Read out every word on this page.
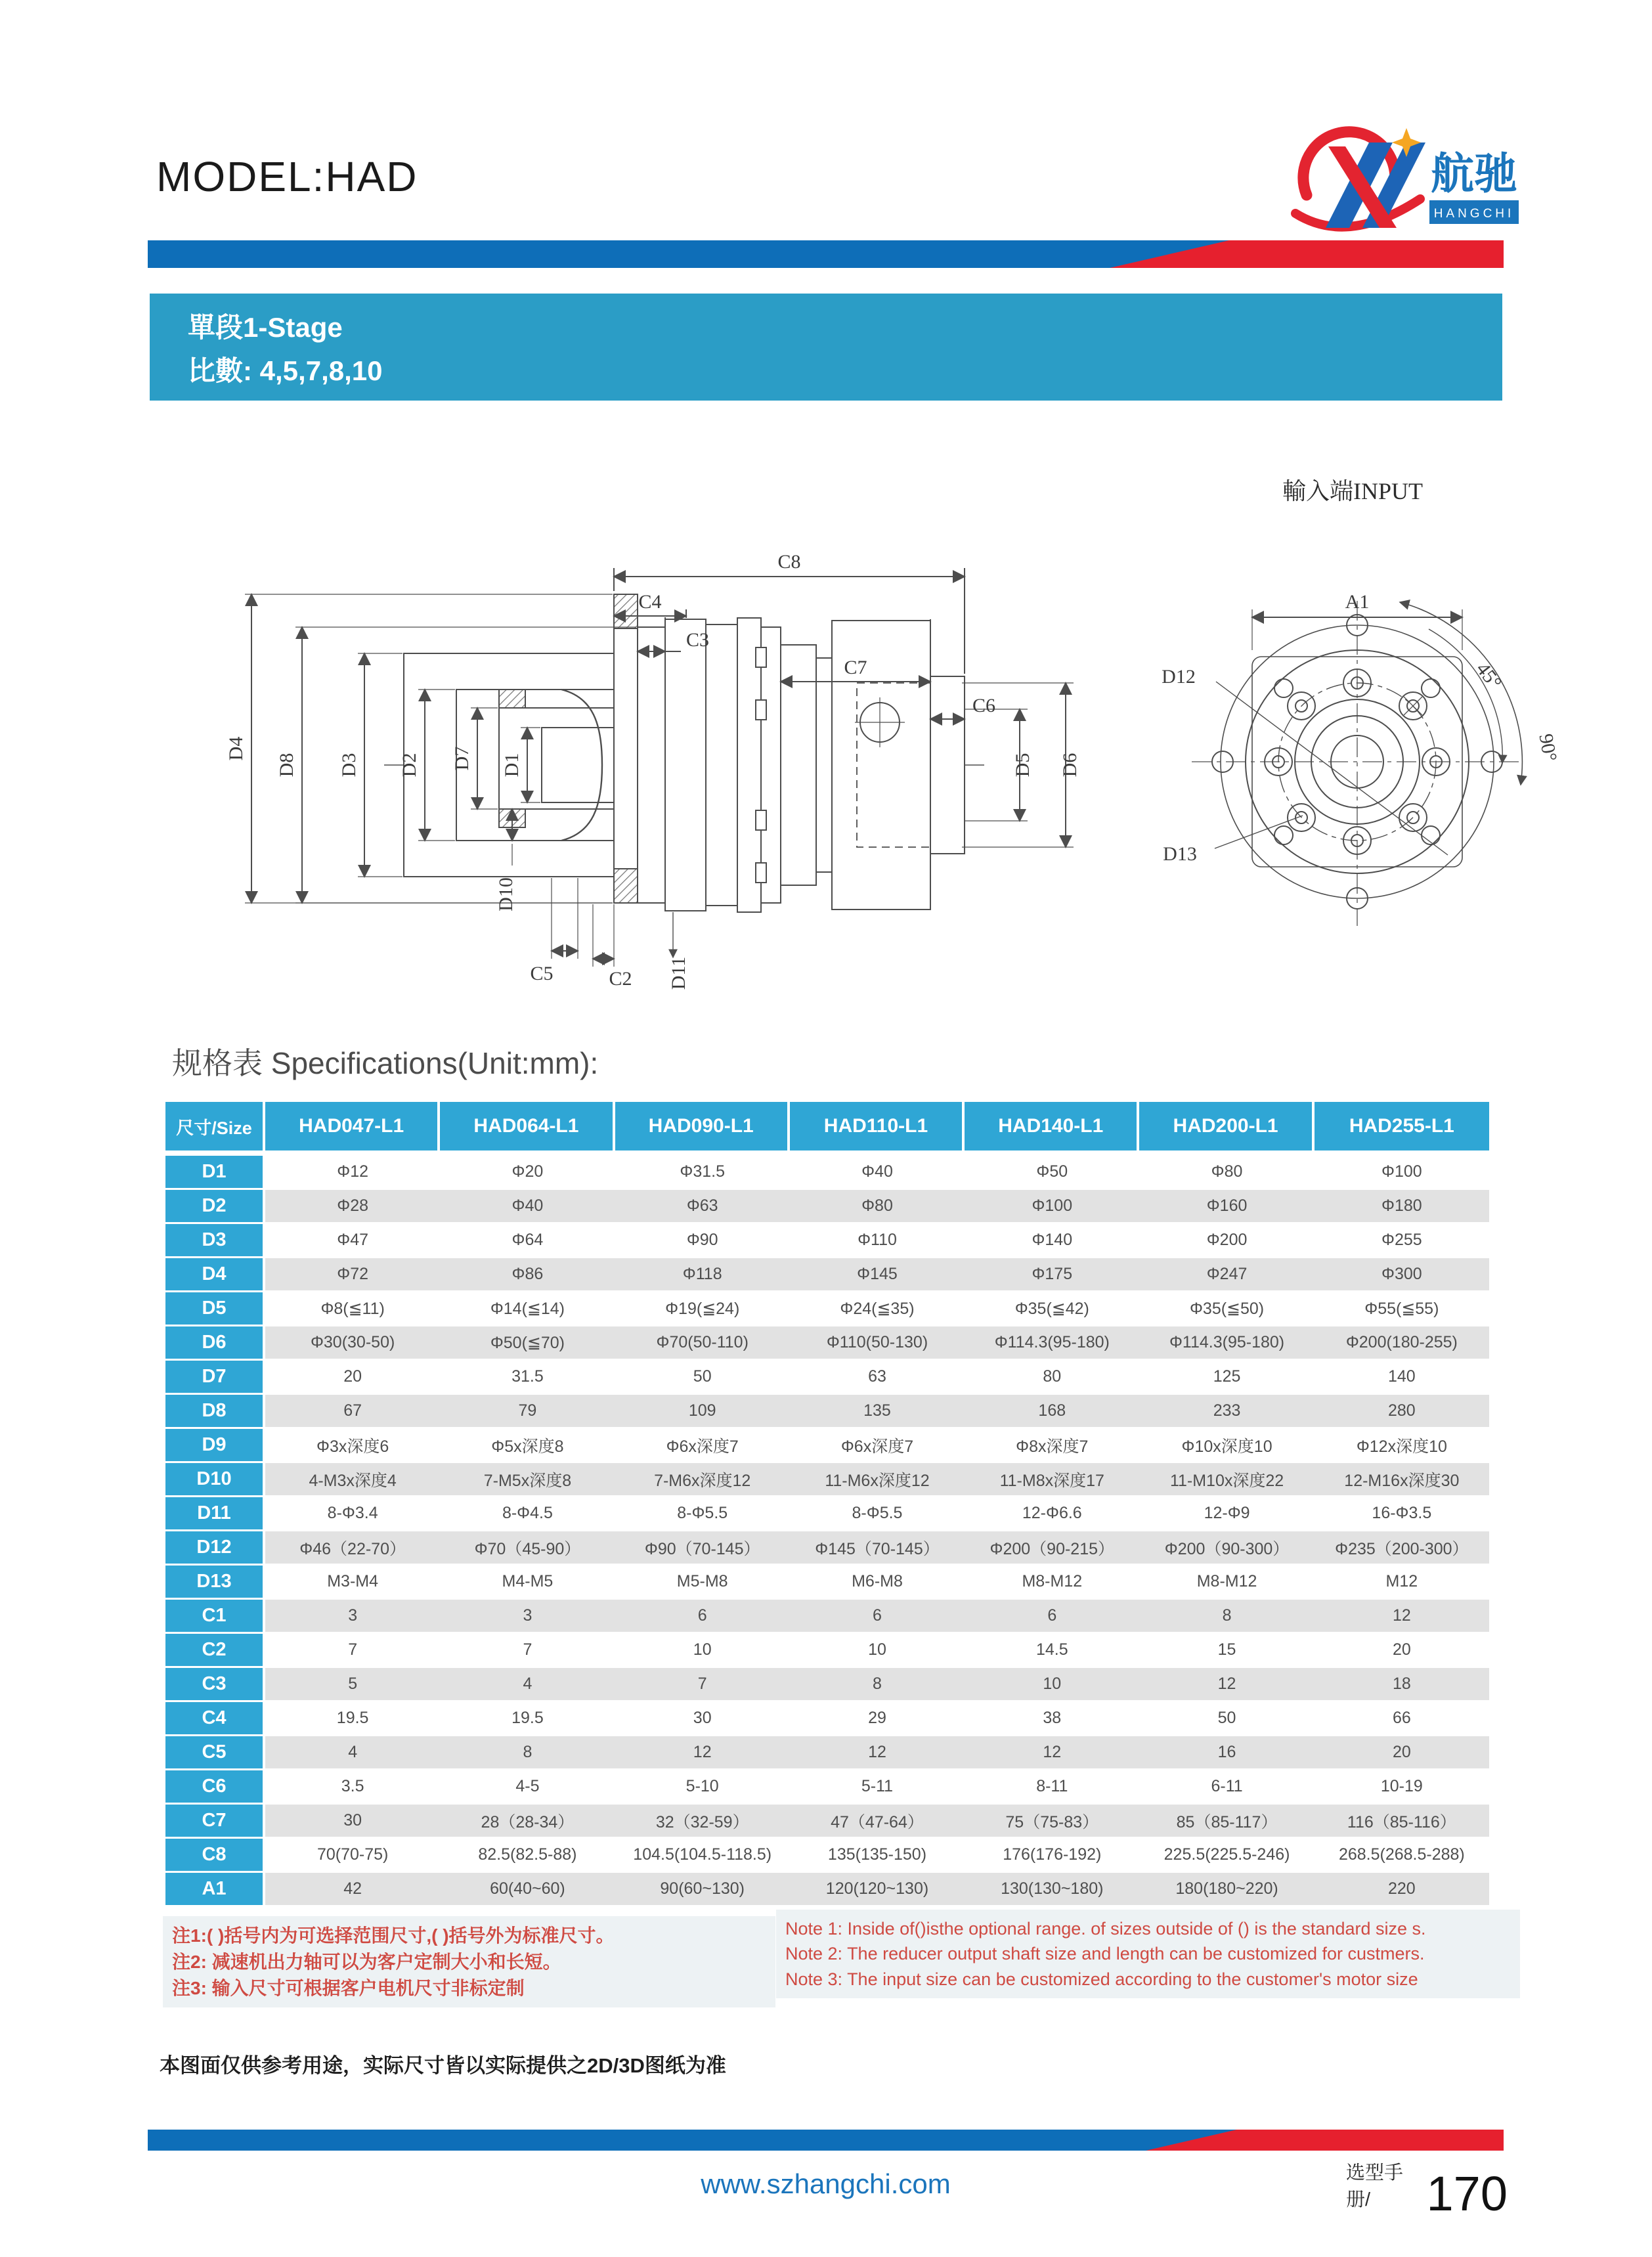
MODEL:HAD	航驰
HANGCHI
單段1-Stage
比數: 4,5,7,8,10
C8
C4
C3
C7
C6
D4
D8 D3 D2 D7 D1
D10
D5 D6
C5	C2 D11
輸入端INPUT
A1
D12
D13
45°
90°
规格表 Specifications(Unit:mm):
尺寸/Size	HAD047-L1	HAD064-L1	HAD090-L1	HAD110-L1	HAD140-L1	HAD200-L1	HAD255-L1
D1	Φ12	Φ20	Φ31.5	Φ40	Φ50	Φ80	Φ100
D2	Φ28	Φ40	Φ63	Φ80	Φ100	Φ160	Φ180
D3	Φ47	Φ64	Φ90	Φ110	Φ140	Φ200	Φ255
D4	Φ72	Φ86	Φ118	Φ145	Φ175	Φ247	Φ300
D5	Φ8(≦11)	Φ14(≦14)	Φ19(≦24)	Φ24(≦35)	Φ35(≦42)	Φ35(≦50)	Φ55(≦55)
D6	Φ30(30-50)	Φ50(≦70)	Φ70(50-110)	Φ110(50-130)	Φ114.3(95-180)	Φ114.3(95-180)	Φ200(180-255)
D7	20	31.5	50	63	80	125	140
D8	67	79	109	135	168	233	280
D9	Φ3x深度6	Φ5x深度8	Φ6x深度7	Φ6x深度7	Φ8x深度7	Φ10x深度10	Φ12x深度10
D10	4-M3x深度4	7-M5x深度8	7-M6x深度12	11-M6x深度12	11-M8x深度17	11-M10x深度22	12-M16x深度30
D11	8-Φ3.4	8-Φ4.5	8-Φ5.5	8-Φ5.5	12-Φ6.6	12-Φ9	16-Φ3.5
D12	Φ46（22-70）	Φ70（45-90）	Φ90（70-145）	Φ145（70-145）	Φ200（90-215）	Φ200（90-300）	Φ235（200-300）
D13	M3-M4	M4-M5	M5-M8	M6-M8	M8-M12	M8-M12	M12
C1	3	3	6	6	6	8	12
C2	7	7	10	10	14.5	15	20
C3	5	4	7	8	10	12	18
C4	19.5	19.5	30	29	38	50	66
C5	4	8	12	12	12	16	20
C6	3.5	4-5	5-10	5-11	8-11	6-11	10-19
C7	30	28（28-34）	32（32-59）	47（47-64）	75（75-83）	85（85-117）	116（85-116）
C8	70(70-75)	82.5(82.5-88)	104.5(104.5-118.5)	135(135-150)	176(176-192)	225.5(225.5-246)	268.5(268.5-288)
A1	42	60(40~60)	90(60~130)	120(120~130)	130(130~180)	180(180~220)	220
注1:( )括号内为可选择范围尺寸,( )括号外为标准尺寸。
注2: 减速机出力轴可以为客户定制大小和长短。
注3: 输入尺寸可根据客户电机尺寸非标定制
Note 1: Inside of()isthe optional range. of sizes outside of () is the standard size s.
Note 2: The reducer output shaft size and length can be customized for custmers.
Note 3: The input size can be customized according to the customer's motor size
本图面仅供参考用途，实际尺寸皆以实际提供之2D/3D图纸为准
www.szhangchi.com	选型手册/	170
